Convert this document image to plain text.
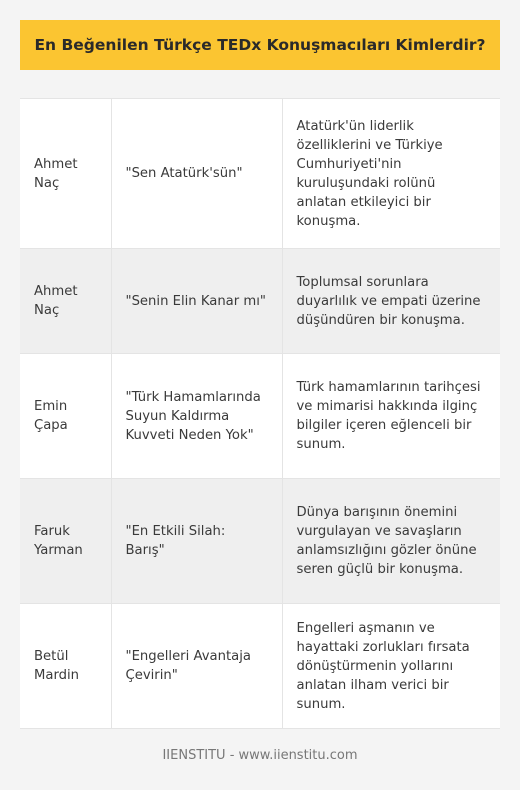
En Beğenilen Türkçe TEDx Konuşmacıları Kimlerdir?
Ahmet Naç	"Sen Atatürk'sün"	Atatürk'ün liderlik özelliklerini ve Türkiye Cumhuriyeti'nin kuruluşundaki rolünü anlatan etkileyici bir konuşma.
Ahmet Naç	"Senin Elin Kanar mı"	Toplumsal sorunlara duyarlılık ve empati üzerine düşündüren bir konuşma.
Emin Çapa	"Türk Hamamlarında Suyun Kaldırma Kuvveti Neden Yok"	Türk hamamlarının tarihçesi ve mimarisi hakkında ilginç bilgiler içeren eğlenceli bir sunum.
Faruk Yarman	"En Etkili Silah: Barış"	Dünya barışının önemini vurgulayan ve savaşların anlamsızlığını gözler önüne seren güçlü bir konuşma.
Betül Mardin	"Engelleri Avantaja Çevirin"	Engelleri aşmanın ve hayattaki zorlukları fırsata dönüştürmenin yollarını anlatan ilham verici bir sunum.
IIENSTITU - www.iienstitu.com
